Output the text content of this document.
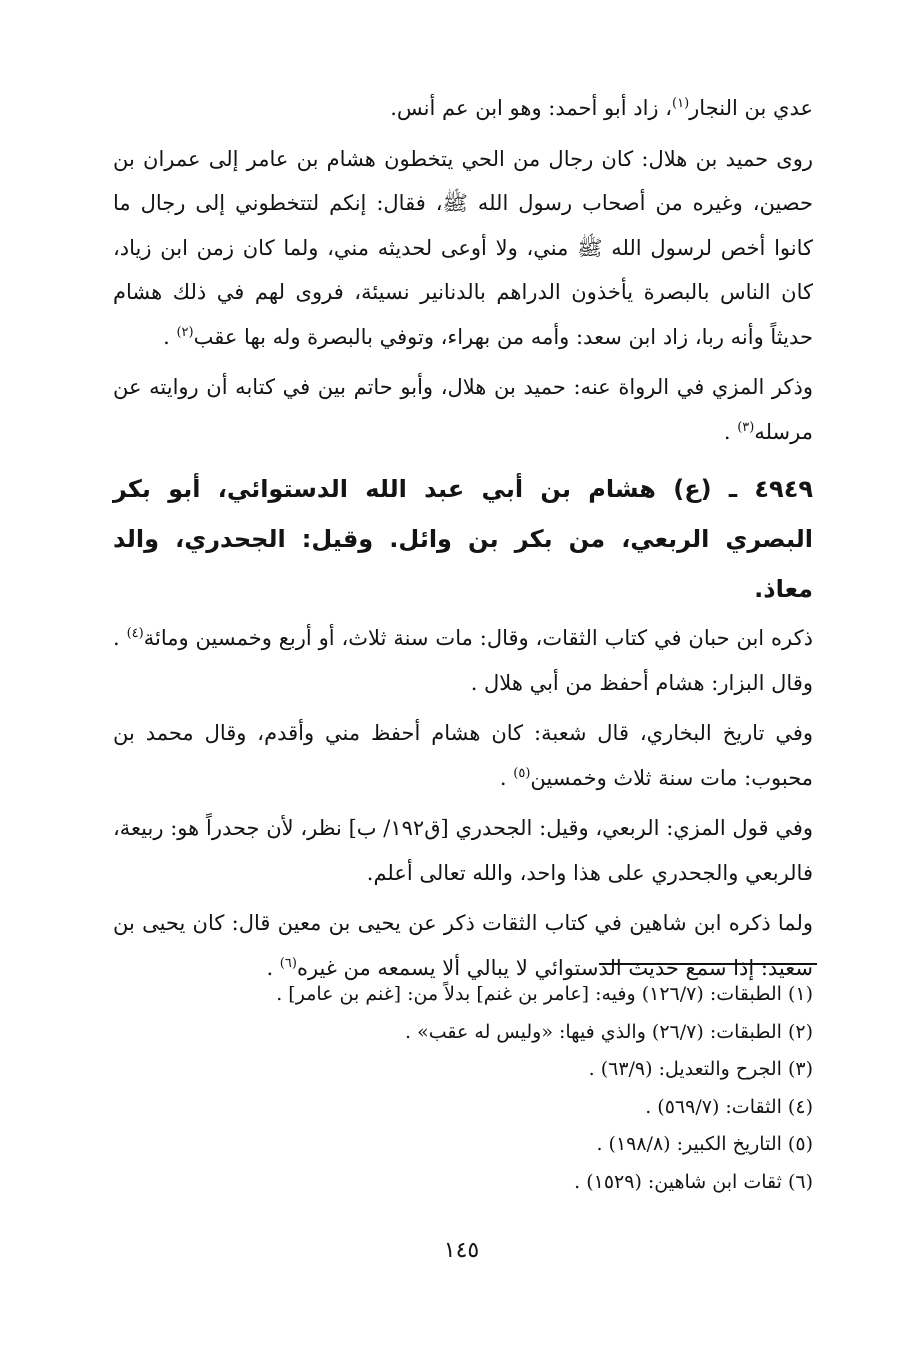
عدي بن النجار$^{(١)}$، زاد أبو أحمد: وهو ابن عم أنس.

روى حميد بن هلال: كان رجال من الحي يتخطون هشام بن عامر إلى عمران بن حصين، وغيره من أصحاب رسول الله ﷺ، فقال: إنكم لتتخطوني إلى رجال ما كانوا أخص لرسول الله ﷺ مني، ولا أوعى لحديثه مني، ولما كان زمن ابن زياد، كان الناس بالبصرة يأخذون الدراهم بالدنانير نسيئة، فروى لهم في ذلك هشام حديثاً وأنه ربا، زاد ابن سعد: وأمه من بهراء، وتوفي بالبصرة وله بها عقب$^{(٢)}$ .

وذكر المزي في الرواة عنه: حميد بن هلال، وأبو حاتم بين في كتابه أن روايته عن مرسله$^{(٣)}$ .

٤٩٤٩ ـ (ع) هشام بن أبي عبد الله الدستوائي، أبو بكر البصري الربعي، من بكر بن وائل. وقيل: الجحدري، والد معاذ.

ذكره ابن حبان في كتاب الثقات، وقال: مات سنة ثلاث، أو أربع وخمسين ومائة$^{(٤)}$ . وقال البزار: هشام أحفظ من أبي هلال .

وفي تاريخ البخاري، قال شعبة: كان هشام أحفظ مني وأقدم، وقال محمد بن محبوب: مات سنة ثلاث وخمسين$^{(٥)}$ .

وفي قول المزي: الربعي، وقيل: الجحدري [ق١٩٢/ ب] نظر، لأن جحدراً هو: ربيعة، فالربعي والجحدري على هذا واحد، والله تعالى أعلم.

ولما ذكره ابن شاهين في كتاب الثقات ذكر عن يحيى بن معين قال: كان يحيى بن سعيد: إذا سمع حديث الدستوائي لا يبالي ألا يسمعه من غيره$^{(٦)}$ .

(١) الطبقات: (١٢٦/٧) وفيه: [عامر بن غنم] بدلاً من: [غنم بن عامر] .

(٢) الطبقات: (٢٦/٧) والذي فيها: «وليس له عقب» .

(٣) الجرح والتعديل: (٦٣/٩) .

(٤) الثقات: (٥٦٩/٧) .

(٥) التاريخ الكبير: (١٩٨/٨) .

(٦) ثقات ابن شاهين: (١٥٢٩) .

١٤٥
